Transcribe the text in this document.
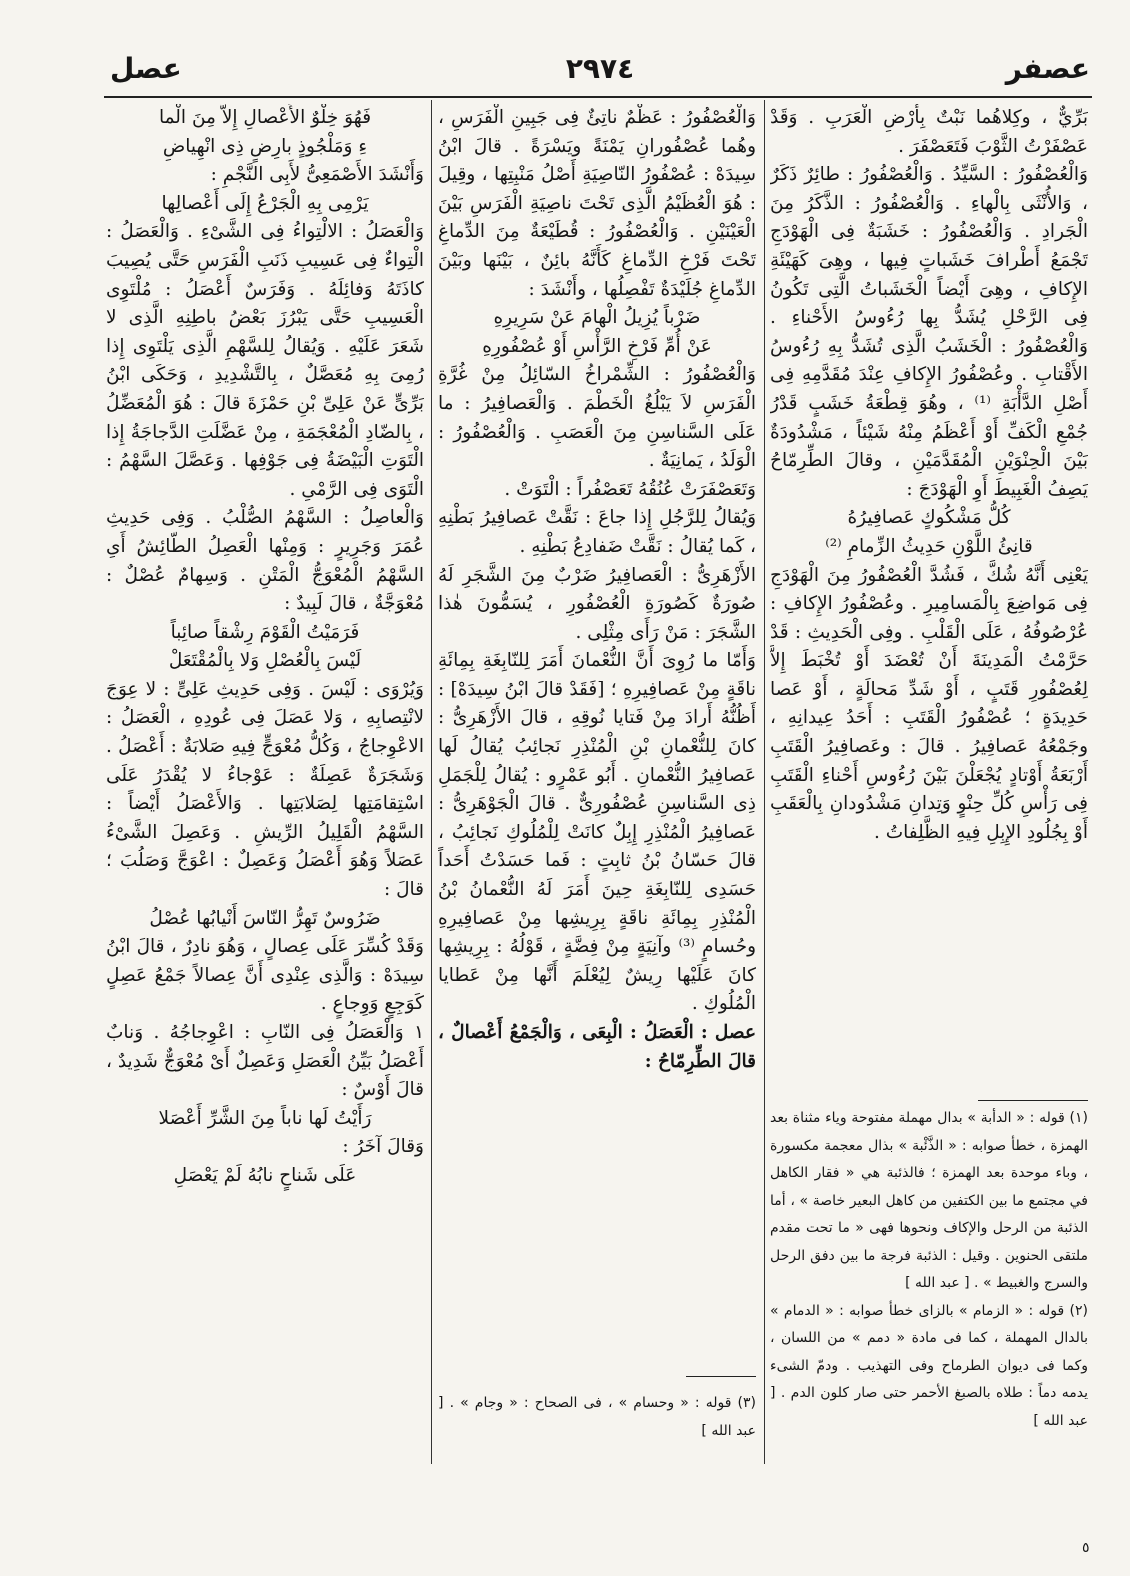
عصفر
٢٩٧٤
عصل

بَرِّيٌّ ، وكِلاهُما نَبْتٌ بِأَرْضِ الْعَرَبِ . وَقَدْ عَصْفَرْتُ الثَّوْبَ فَتَعَصْفَرَ .

وَالْعُصْفُورُ : السَّيِّدُ . وَالْعُصْفُورُ : طائِرٌ ذَكَرٌ ، وَالأُنْثَى بِالْهاءِ . وَالْعُصْفُورُ : الذَّكَرُ مِنَ الْجَرادِ . وَالْعُصْفُورُ : خَشَبَةٌ فِى الْهَوْدَجِ تَجْمَعُ أَطْرافَ خَشَباتٍ فِيها ، وهِىَ كَهَيْئَةِ الإِكافِ ، وهِىَ أَيْضاً الْخَشَباتُ الَّتِى تَكُونُ فِى الرَّحْلِ يُشَدُّ بِها رُءُوسُ الأَحْناءِ . وَالْعُصْفُورُ : الْخَشَبُ الَّذِى تُشَدُّ بِهِ رُءُوسُ الأَقْتابِ . وعُصْفُورُ الإِكافِ عِنْدَ مُقَدَّمِهِ فِى أَصْلِ الدَّأْبَةِ ⁽¹⁾ ، وهُوَ قِطْعَةُ خَشَبٍ قَدْرُ جُمْعِ الْكَفِّ أَوْ أَعْظَمُ مِنْهُ شَيْئاً ، مَشْدُودَةٌ بَيْنَ الْحِنْوَيْنِ الْمُقَدَّمَيْنِ ، وقالَ الطِّرِمّاحُ يَصِفُ الْغَبِيطَ أَوِ الْهَوْدَجَ :

كُلُّ مَشْكُوكٍ عَصافِيرُهُ

قانِئُ اللَّوْنِ حَدِيثُ الزِّمامِ ⁽²⁾

يَعْنِى أَنَّهُ شُكَّ ، فَشُدَّ الْعُصْفُورُ مِنَ الْهَوْدَجِ فِى مَواضِعَ بِالْمَسامِيرِ . وعُصْفُورُ الإِكافِ : عُرْصُوفُهُ ، عَلَى الْقَلْبِ . وفِى الْحَدِيثِ : قَدْ حَرَّمْتُ الْمَدِينَةَ أَنْ تُعْضَدَ أَوْ تُخْبَطَ إِلاَّ لِعُصْفُورِ قَتَبٍ ، أَوْ شَدِّ مَحالَةٍ ، أَوْ عَصا حَدِيدَةٍ ؛ عُصْفُورُ الْقَتَبِ : أَحَدُ عِيدانِهِ ، وجَمْعُهُ عَصافِيرُ . قالَ : وعَصافِيرُ الْقَتَبِ أَرْبَعَةُ أَوْتادٍ يُجْعَلْنَ بَيْنَ رُءُوسِ أَحْناءِ الْقَتَبِ فِى رَأْسِ كُلِّ حِنْوٍ وَتِدانِ مَشْدُودانِ بِالْعَقَبِ أَوْ بِجُلُودِ الإِبِلِ فِيهِ الظَّلِفاتُ .

(١) قوله : « الدأبة » بدال مهملة مفتوحة وياء مثناة بعد الهمزة ، خطأ صوابه : « الذَّئْبة » بذال معجمة مكسورة ، وباء موحدة بعد الهمزة ؛ فالذئبة هي « فقار الكاهل في مجتمع ما بين الكتفين من كاهل البعير خاصة » ، أما الذئبة من الرحل والإكاف ونحوها فهى « ما تحت مقدم ملتقى الحنوين . وقيل : الذئبة فرجة ما بين دفق الرحل والسرج والغبيط » . [ عبد الله ]

(٢) قوله : « الزمام » بالزاى خطأ صوابه : « الدمام » بالدال المهملة ، كما فى مادة « دمم » من اللسان ، وكما فى ديوان الطرماح وفى التهذيب . ودمّ الشىء يدمه دماً : طلاه بالصبغ الأحمر حتى صار كلون الدم . [ عبد الله ]

وَالْعُصْفُورُ : عَظْمٌ ناتِئٌ فِى جَبِينِ الْفَرَسِ ، وهُما عُصْفُورانِ يَمْنَةً ويَسْرَةً . قالَ ابْنُ سِيدَهْ : عُصْفُورُ النّاصِيَةِ أَصْلُ مَنْبِتِها ، وقِيلَ : هُوَ الْعُظَيْمُ الَّذِى تَحْتَ ناصِيَةِ الْفَرَسِ بَيْنَ الْعَيْنَيْنِ . وَالْعُصْفُورُ : قُطَيْعَةٌ مِنَ الدِّماغِ تَحْتَ فَرْخِ الدِّماغِ كَأَنَّهُ بائِنٌ ، بَيْنَها وبَيْنَ الدِّماغِ جُلَيْدَةٌ تَفْصِلُها ، وأَنْشَدَ :

ضَرْباً يُزِيلُ الْهامَ عَنْ سَرِيرِهِ

عَنْ أُمِّ فَرْخِ الرَّأْسِ أَوْ عُصْفُورِهِ

وَالْعُصْفُورُ : الشِّمْراخُ السّائِلُ مِنْ غُرَّةِ الْفَرَسِ لاَ يَبْلُغُ الْخَطْمَ . وَالْعَصافِيرُ : ما عَلَى السَّناسِنِ مِنَ الْعَصَبِ . وَالْعُصْفُورُ : الْوَلَدُ ، يَمانِيَةٌ .

وَتَعَصْفَرَتْ عُنُقُهُ تَعَصْفُراً : الْتَوَتْ .

وَيُقالُ لِلرَّجُلِ إِذا جاعَ : نَقَّتْ عَصافِيرُ بَطْنِهِ ، كَما يُقالُ : نَقَّتْ ضَفادِعُ بَطْنِهِ .

الأَزْهَرِىُّ : الْعَصافِيرُ ضَرْبٌ مِنَ الشَّجَرِ لَهُ صُورَةٌ كَصُورَةِ الْعُصْفُورِ ، يُسَمُّونَ هٰذا الشَّجَرَ : مَنْ رَأَى مِثْلِى .

وَأَمّا ما رُوِىَ أَنَّ النُّعْمانَ أَمَرَ لِلنّابِغَةِ بِمِائَةِ ناقَةٍ مِنْ عَصافِيرِهِ ؛ [فَقَدْ قالَ ابْنُ سِيدَهْ] : أَظُنُّهُ أَرادَ مِنْ فَتايا نُوقِهِ ، قالَ الأَزْهَرِىُّ : كانَ لِلنُّعْمانِ بْنِ الْمُنْذِرِ نَجائِبُ يُقالُ لَها عَصافِيرُ النُّعْمانِ . أَبُو عَمْرٍو : يُقالُ لِلْجَمَلِ ذِى السَّناسِنِ عُصْفُورِىٌّ . قالَ الْجَوْهَرِىُّ : عَصافِيرُ الْمُنْذِرِ إِبِلٌ كانَتْ لِلْمُلُوكِ نَجائِبُ ، قالَ حَسّانُ بْنُ ثابِتٍ : فَما حَسَدْتُ أَحَداً حَسَدِى لِلنّابِغَةِ حِينَ أَمَرَ لَهُ النُّعْمانُ بْنُ الْمُنْذِرِ بِمِائَةِ ناقَةٍ بِرِيشِها مِنْ عَصافِيرِهِ وحُسامٍ ⁽³⁾ وآنِيَةٍ مِنْ فِضَّةٍ ، قَوْلُهُ : بِرِيشِها كانَ عَلَيْها رِيشٌ لِيُعْلَمَ أَنَّها مِنْ عَطايا الْمُلُوكِ .

عصل : الْعَصَلُ : الْبِعَى ، وَالْجَمْعُ أَعْصالٌ ، قالَ الطِّرِمّاحُ :

(٣) قوله : « وحسام » ، فى الصحاح : « وجام » . [ عبد الله ]

فَهُوَ خِلْوٌ الأَعْصالِ إِلاَّ مِنَ الْما

ءِ وَمَلْجُوذٍ بارِضٍ ذِى انْهِياضِ

وَأَنْشَدَ الأَصْمَعِىُّ لأَبِى النَّجْمِ :

يَرْمِى بِهِ الْجَرْعُ إِلَى أَعْصالِها

وَالْعَصَلُ : الالْتِواءُ فِى الشَّىْءِ . وَالْعَصَلُ : الْتِواءٌ فِى عَسِيبِ ذَنَبِ الْفَرَسِ حَتَّى يُصِيبَ كاذَتَهُ وَفائِلَهُ . وَفَرَسٌ أَعْصَلُ : مُلْتَوِى الْعَسِيبِ حَتَّى يَبْرُزَ بَعْضُ باطِنِهِ الَّذِى لا شَعَرَ عَلَيْهِ . وَيُقالُ لِلسَّهْمِ الَّذِى يَلْتَوِى إِذا رُمِىَ بِهِ مُعَصَّلٌ ، بِالتَّشْدِيدِ ، وَحَكَى ابْنُ بَرِّىٍّ عَنْ عَلِىِّ بْنِ حَمْزَةَ قالَ : هُوَ الْمُعَضِّلُ ، بِالضّادِ الْمُعْجَمَةِ ، مِنْ عَضَّلَتِ الدَّجاجَةُ إِذا الْتَوَتِ الْبَيْضَةُ فِى جَوْفِها . وَعَصَّلَ السَّهْمُ : الْتَوَى فِى الرَّمْىِ .

وَالْعاصِلُ : السَّهْمُ الصُّلْبُ . وَفِى حَدِيثِ عُمَرَ وَجَرِيرٍ : وَمِنْها الْعَصِلُ الطّائِشُ أَىِ السَّهْمُ الْمُعْوَجُّ الْمَتْنِ . وَسِهامٌ عُصْلٌ : مُعْوَجَّةٌ ، قالَ لَبِيدٌ :

فَرَمَيْتُ الْقَوْمَ رِشْقاً صائِباً

لَيْسَ بِالْعُصْلِ وَلا بِالْمُقْتَعَلْ

وَيُرْوَى : لَيْسَ . وَفِى حَدِيثِ عَلِىٍّ : لا عِوَجَ لانْتِصابِهِ ، وَلا عَصَلَ فِى عُودِهِ ، الْعَصَلُ : الاعْوِجاجُ ، وَكُلُّ مُعْوَجٍّ فِيهِ صَلابَةٌ : أَعْصَلُ . وَشَجَرَةٌ عَصِلَةٌ : عَوْجاءُ لا يُقْدَرُ عَلَى اسْتِقامَتِها لِصَلابَتِها . وَالأَعْصَلُ أَيْضاً : السَّهْمُ الْقَلِيلُ الرِّيشِ . وَعَصِلَ الشَّىْءُ عَصَلاً وَهُوَ أَعْصَلُ وَعَصِلٌ : اعْوَجَّ وَصَلُبَ ؛ قالَ :

ضَرُوسٌ تَهِرُّ النّاسَ أَنْيابُها عُصْلُ

وَقَدْ كُسِّرَ عَلَى عِصالٍ ، وَهُوَ نادِرٌ ، قالَ ابْنُ سِيدَهْ : وَالَّذِى عِنْدِى أَنَّ عِصالاً جَمْعُ عَصِلٍ كَوَجِعٍ وَوِجاعٍ .

١ وَالْعَصَلُ فِى النّابِ : اعْوِجاجُهُ . وَنابٌ أَعْصَلُ بَيِّنُ الْعَصَلِ وَعَصِلٌ أَىْ مُعْوَجٌّ شَدِيدٌ ، قالَ أَوْسٌ :

رَأَيْتُ لَها ناباً مِنَ الشَّرِّ أَعْصَلا

وَقالَ آخَرُ :

عَلَى شَناحٍ نابُهُ لَمْ يَعْصَلِ

٥
